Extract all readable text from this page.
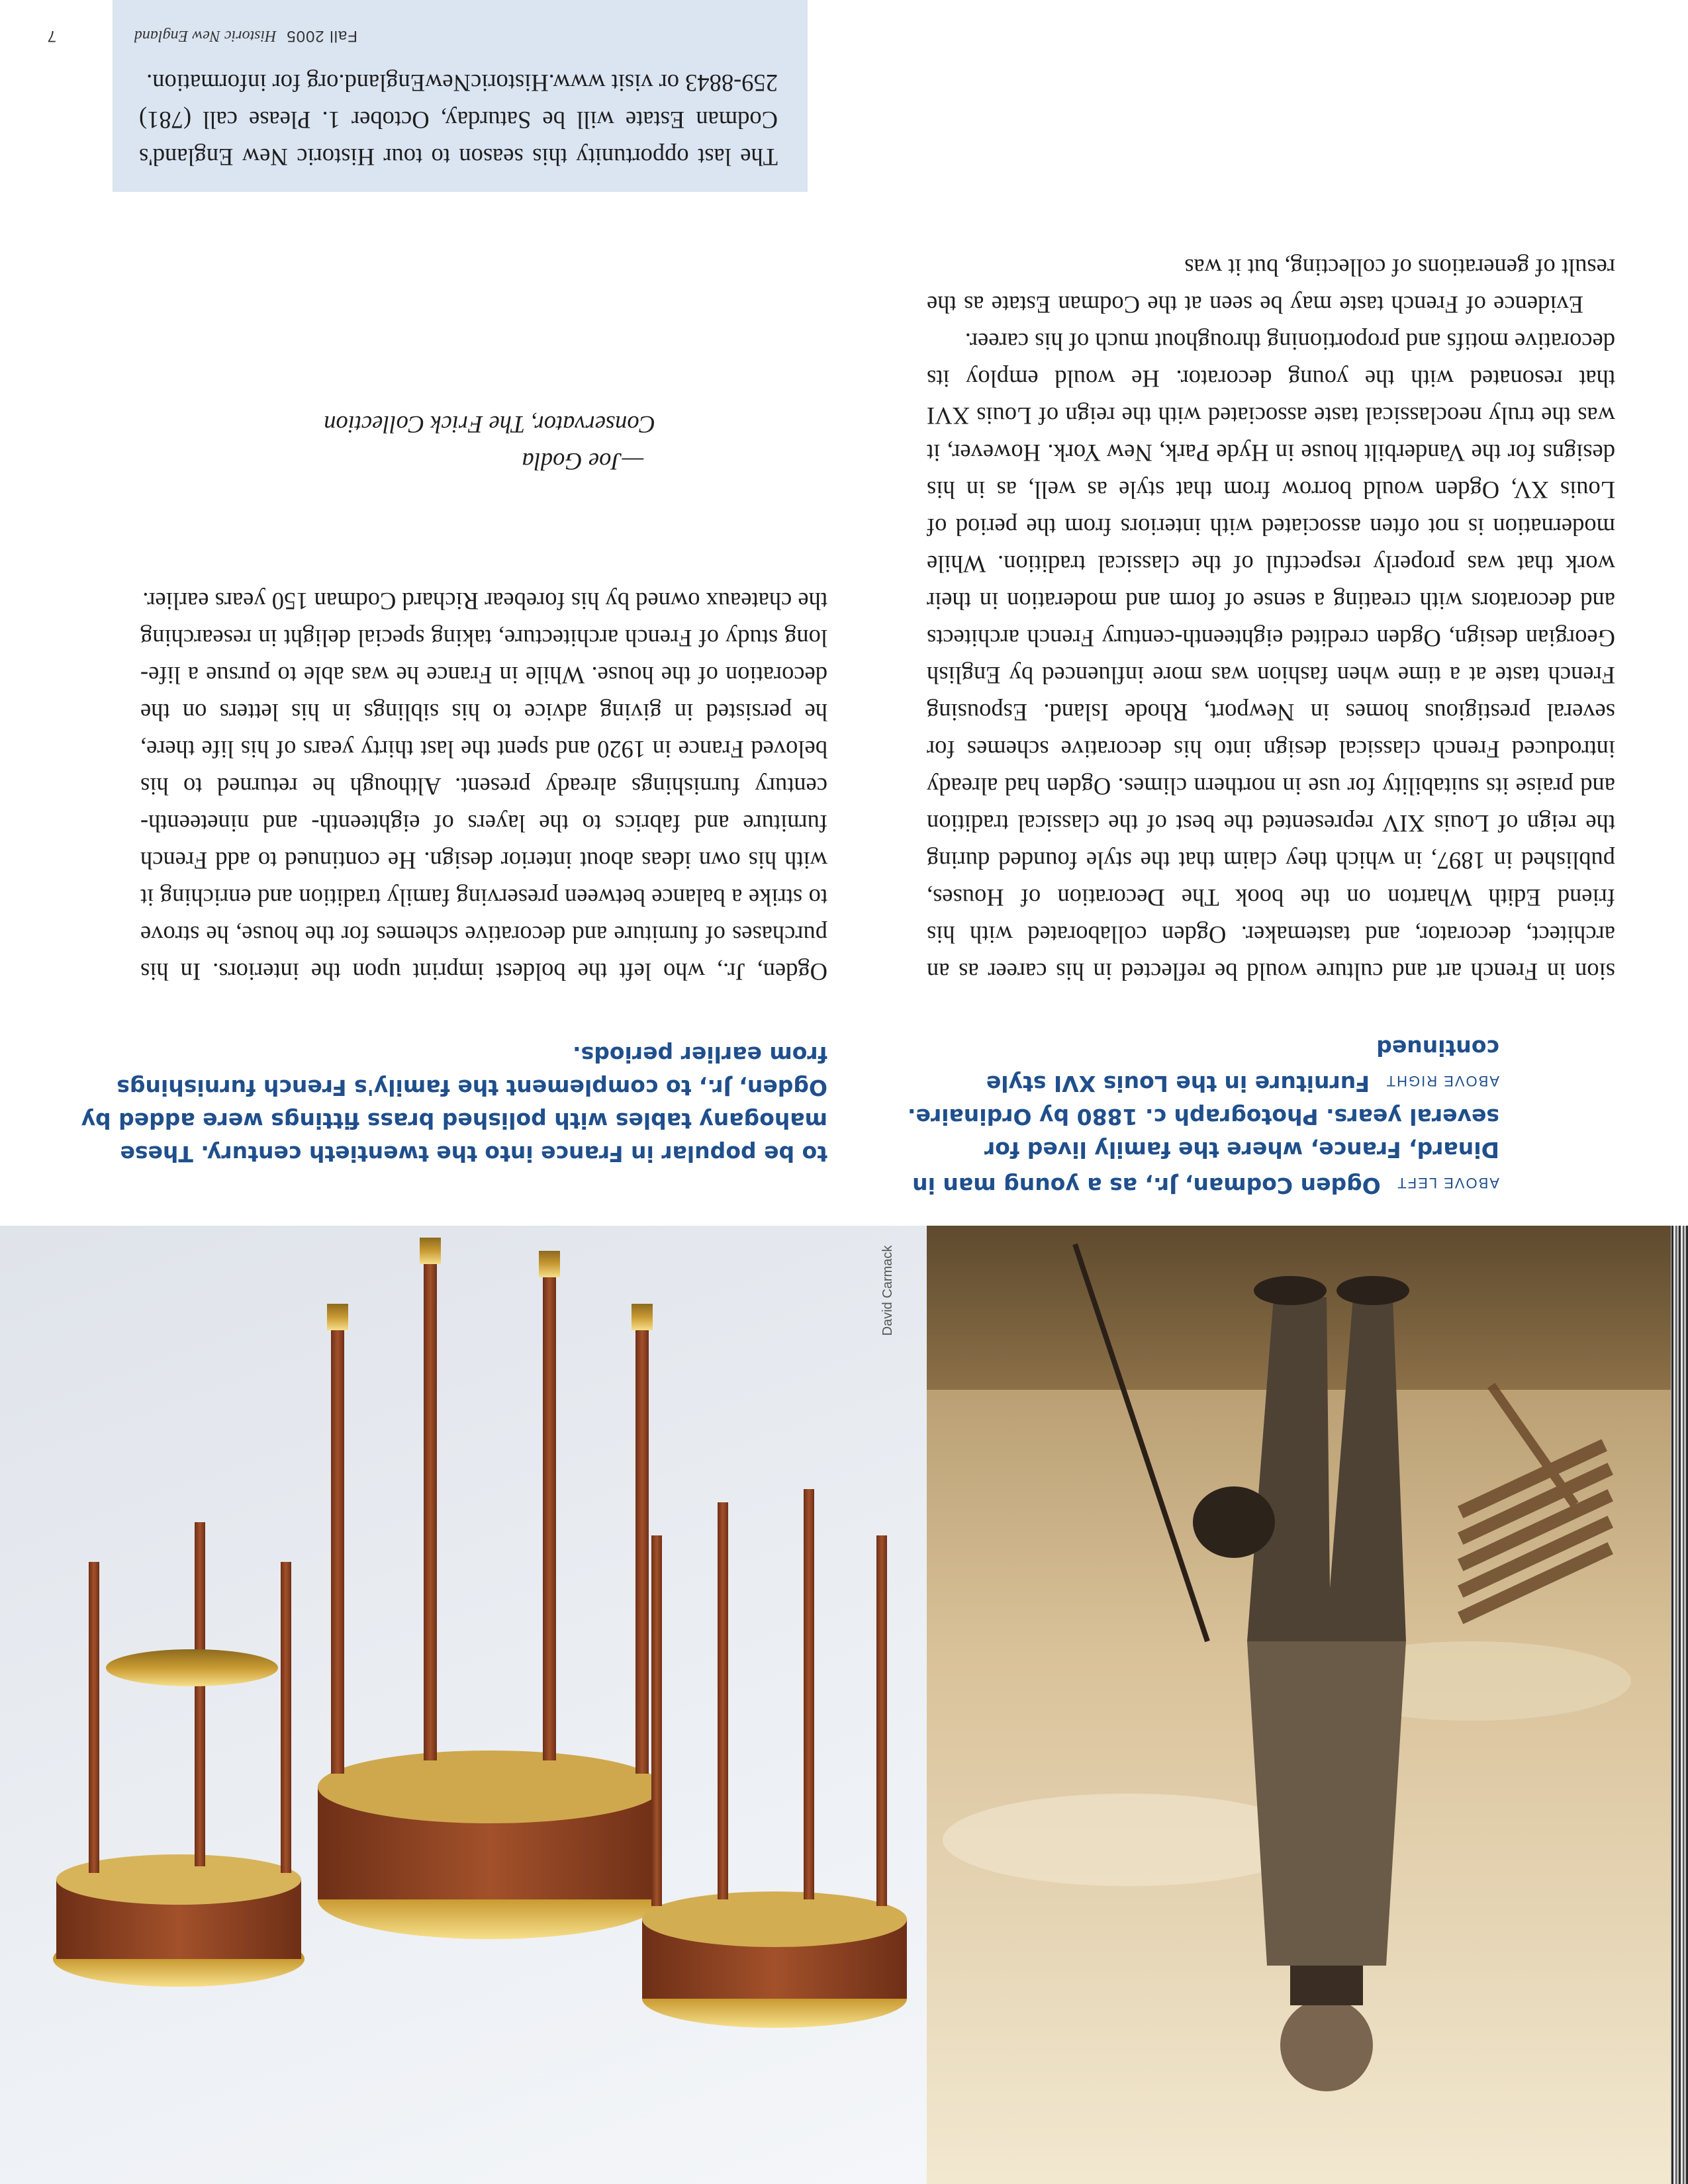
David Carmack
ABOVE LEFT Ogden Codman, Jr., as a young man in Dinard, France, where the family lived for several years. Photograph c. 1880 by Ordinaire. ABOVE RIGHT Furniture in the Louis XVI style continued
to be popular in France into the twentieth century. These mahogany tables with polished brass fittings were added by Ogden, Jr., to complement the family's French furnishings from earlier periods.

sion in French art and culture would be reflected in his career as an architect, decorator, and tastemaker. Ogden collaborated with his friend Edith Wharton on the book The Decoration of Houses, published in 1897, in which they claim that the style founded during the reign of Louis XIV represented the best of the classical tradition and praise its suitability for use in northern climes. Ogden had already introduced French classical design into his decorative schemes for several prestigious homes in Newport, Rhode Island. Espousing French taste at a time when fashion was more influenced by English Georgian design, Ogden credited eighteenth-century French architects and decorators with creating a sense of form and moderation in their work that was properly respectful of the classical tradition. While modernation is not often associated with interiors from the period of Louis XV, Ogden would borrow from that style as well, as in his designs for the Vanderbilt house in Hyde Park, New York. However, it was the truly neoclassical taste associated with the reign of Louis XVI that resonated with the young decorator. He would employ its decorative motifs and proportioning throughout much of his career.

Evidence of French taste may be seen at the Codman Estate as the result of generations of collecting, but it was

Ogden, Jr., who left the boldest imprint upon the interiors. In his purchases of furniture and decorative schemes for the house, he strove to strike a balance between preserving family tradition and enriching it with his own ideas about interior design. He continued to add French furniture and fabrics to the layers of eighteenth- and nineteenth-century furnishings already present. Although he returned to his beloved France in 1920 and spent the last thirty years of his life there, he persisted in giving advice to his siblings in his letters on the decoration of the house. While in France he was able to pursue a life-long study of French architecture, taking special delight in researching the chateaux owned by his forebear Richard Codman 150 years earlier.

—Joe Godla
Conservator, The Frick Collection
The last opportunity this season to tour Historic New England's Codman Estate will be Saturday, October 1. Please call (781) 259-8843 or visit www.HistoricNewEngland.org for information.
Fall 2005 Historic New England
7
